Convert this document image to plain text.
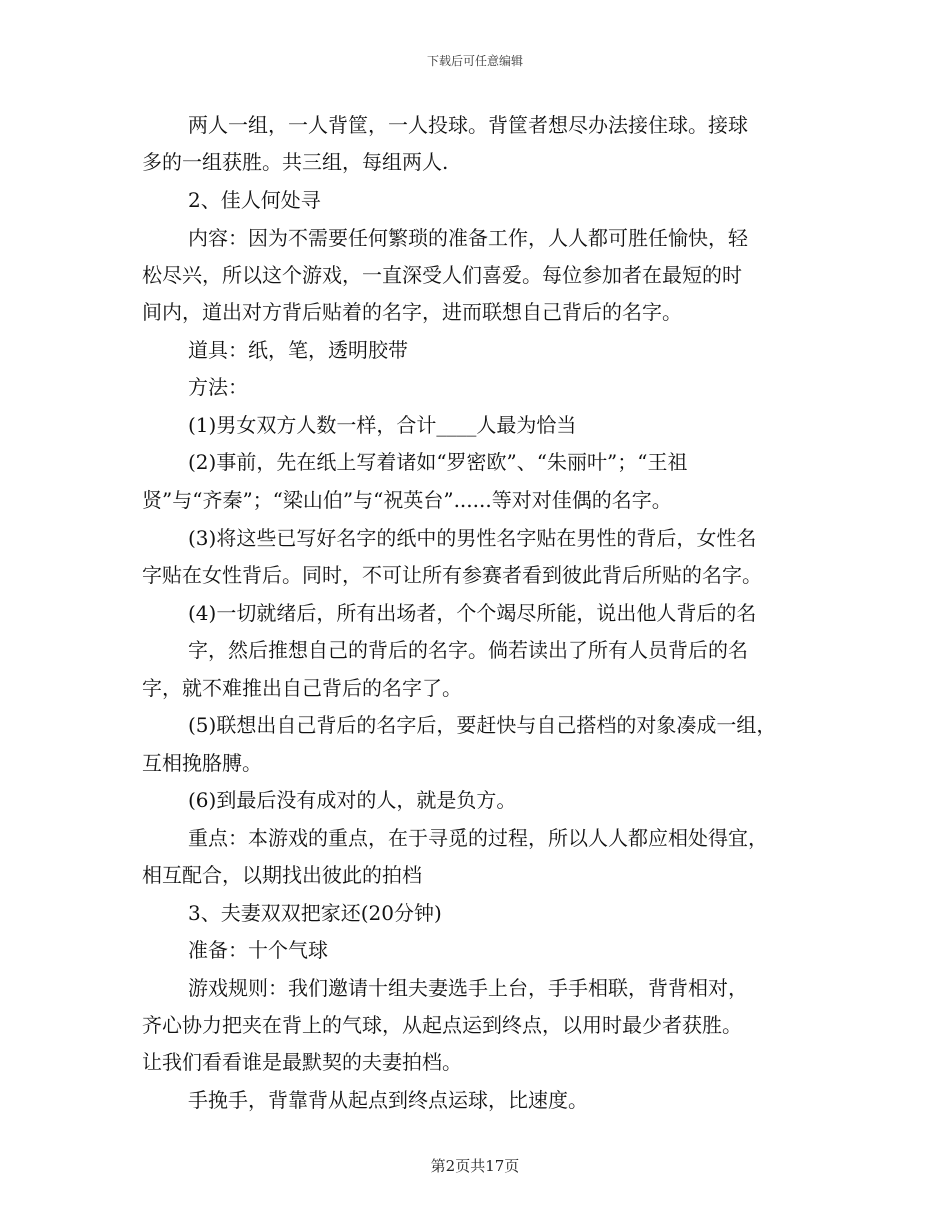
下载后可任意编辑
两人一组，一人背筐，一人投球。背筐者想尽办法接住球。接球
多的一组获胜。共三组，每组两人.
2、佳人何处寻
内容：因为不需要任何繁琐的准备工作，人人都可胜任愉快，轻
松尽兴，所以这个游戏，一直深受人们喜爱。每位参加者在最短的时
间内，道出对方背后贴着的名字，进而联想自己背后的名字。
道具：纸，笔，透明胶带
方法：
(1)男女双方人数一样，合计____人最为恰当
(2)事前，先在纸上写着诸如“罗密欧”、“朱丽叶”；“王祖
贤”与“齐秦”；“梁山伯”与“祝英台”......等对对佳偶的名字。
(3)将这些已写好名字的纸中的男性名字贴在男性的背后，女性名
字贴在女性背后。同时，不可让所有参赛者看到彼此背后所贴的名字。
(4)一切就绪后，所有出场者，个个竭尽所能，说出他人背后的名
字，然后推想自己的背后的名字。倘若读出了所有人员背后的名
字，就不难推出自己背后的名字了。
(5)联想出自己背后的名字后，要赶快与自己搭档的对象凑成一组，
互相挽胳膊。
(6)到最后没有成对的人，就是负方。
重点：本游戏的重点，在于寻觅的过程，所以人人都应相处得宜，
相互配合，以期找出彼此的拍档
3、夫妻双双把家还(20分钟)
准备：十个气球
游戏规则：我们邀请十组夫妻选手上台，手手相联，背背相对，
齐心协力把夹在背上的气球，从起点运到终点，以用时最少者获胜。
让我们看看谁是最默契的夫妻拍档。
手挽手，背靠背从起点到终点运球，比速度。
第2页共17页
